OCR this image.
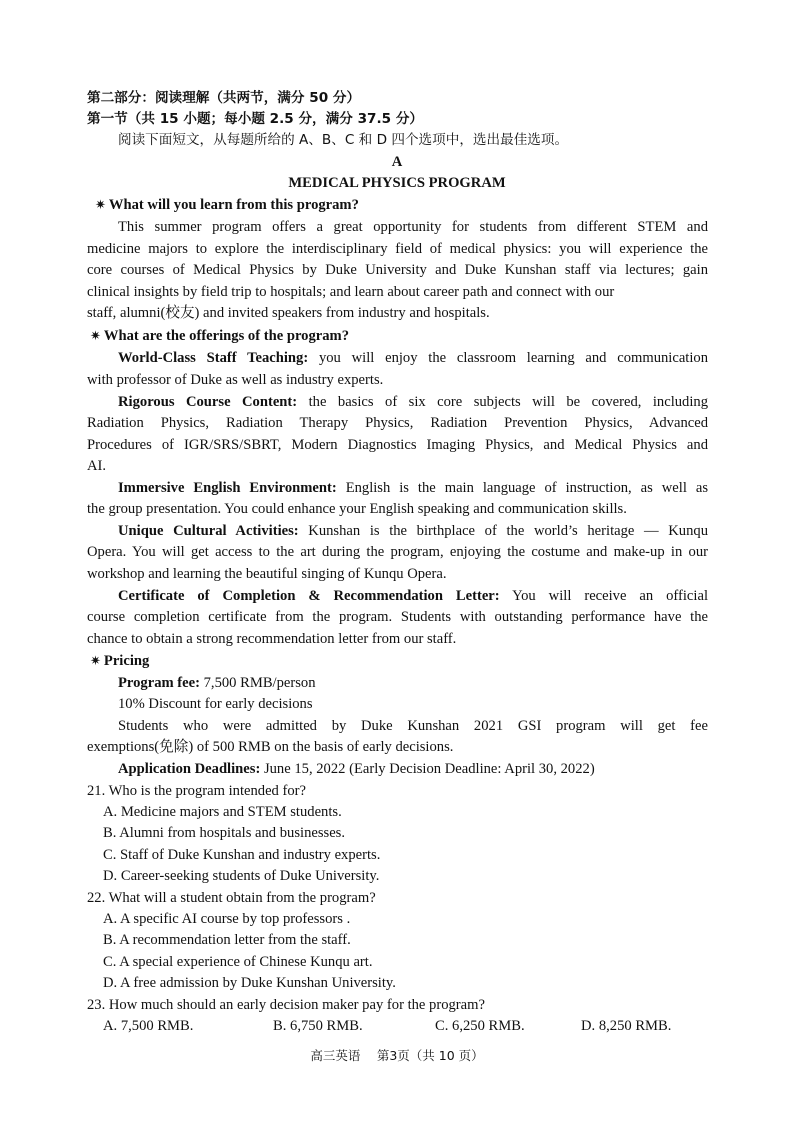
第二部分：阅读理解（共两节，满分 50 分）
第一节（共 15 小题；每小题 2.5 分，满分 37.5 分）
阅读下面短文，从每题所给的 A、B、C 和 D 四个选项中，选出最佳选项。
A
MEDICAL PHYSICS PROGRAM
✷ What will you learn from this program?
This summer program offers a great opportunity for students from different STEM and
medicine majors to explore the interdisciplinary field of medical physics: you will experience the
core courses of Medical Physics by Duke University and Duke Kunshan staff via lectures; gain
clinical insights by field trip to hospitals; and learn about career path and connect with our
staff, alumni(校友) and invited speakers from industry and hospitals.
✷ What are the offerings of the program?
World-Class Staff Teaching: you will enjoy the classroom learning and communication
with professor of Duke as well as industry experts.
Rigorous Course Content: the basics of six core subjects will be covered, including
Radiation Physics, Radiation Therapy Physics, Radiation Prevention Physics, Advanced
Procedures of IGR/SRS/SBRT, Modern Diagnostics Imaging Physics, and Medical Physics and
AI.
Immersive English Environment: English is the main language of instruction, as well as
the group presentation. You could enhance your English speaking and communication skills.
Unique Cultural Activities: Kunshan is the birthplace of the world’s heritage — Kunqu
Opera. You will get access to the art during the program, enjoying the costume and make-up in our
workshop and learning the beautiful singing of Kunqu Opera.
Certificate of Completion & Recommendation Letter: You will receive an official
course completion certificate from the program. Students with outstanding performance have the
chance to obtain a strong recommendation letter from our staff.
✷ Pricing
Program fee: 7,500 RMB/person
10% Discount for early decisions
Students who were admitted by Duke Kunshan 2021 GSI program will get fee
exemptions(免除) of 500 RMB on the basis of early decisions.
Application Deadlines: June 15, 2022 (Early Decision Deadline: April 30, 2022)
21. Who is the program intended for?
A. Medicine majors and STEM students.
B. Alumni from hospitals and businesses.
C. Staff of Duke Kunshan and industry experts.
D. Career-seeking students of Duke University.
22. What will a student obtain from the program?
A. A specific AI course by top professors .
B. A recommendation letter from the staff.
C. A special experience of Chinese Kunqu art.
D. A free admission by Duke Kunshan University.
23. How much should an early decision maker pay for the program?
A. 7,500 RMB.	B. 6,750 RMB.	C. 6,250 RMB.	D. 8,250 RMB.
高三英语　 第3页（共 10 页）
